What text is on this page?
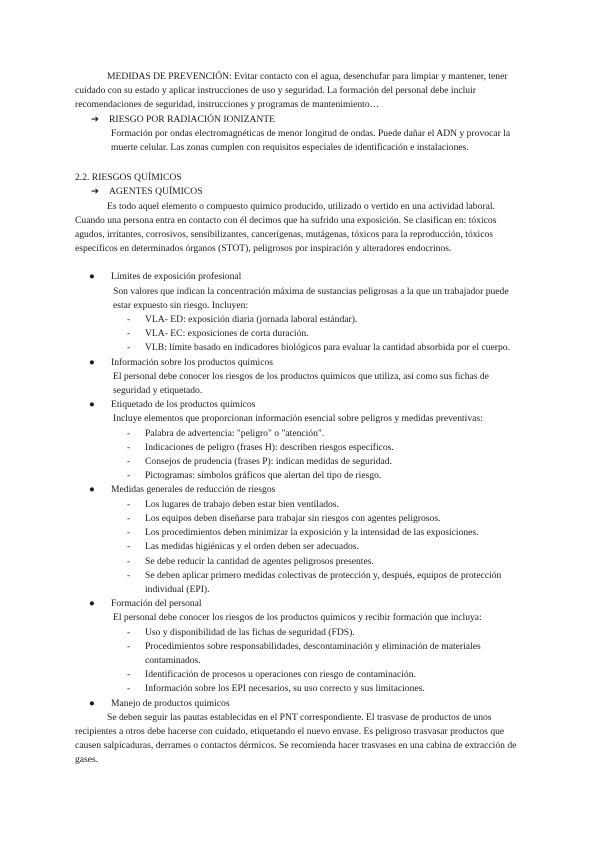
MEDIDAS DE PREVENCIÓN: Evitar contacto con el agua, desenchufar para limpiar y mantener, tener cuidado con su estado y aplicar instrucciones de uso y seguridad. La formación del personal debe incluir recomendaciones de seguridad, instrucciones y programas de mantenimiento…

➔	RIESGO POR RADIACIÓN IONIZANTE

Formación por ondas electromagnéticas de menor longitud de ondas. Puede dañar el ADN y provocar la muerte celular. Las zonas cumplen con requisitos especiales de identificación e instalaciones.

2.2. RIESGOS QUÍMICOS

➔	AGENTES QUÍMICOS

Es todo aquel elemento o compuesto químico producido, utilizado o vertido en una actividad laboral. Cuando una persona entra en contacto con él decimos que ha sufrido una exposición. Se clasifican en: tóxicos agudos, irritantes, corrosivos, sensibilizantes, cancerígenas, mutágenas, tóxicos para la reproducción, tóxicos específicos en determinados órganos (STOT), peligrosos por inspiración y alteradores endocrinos.

● Límites de exposición profesional

Son valores que indican la concentración máxima de sustancias peligrosas a la que un trabajador puede estar expuesto sin riesgo. Incluyen:

- VLA- ED: exposición diaria (jornada laboral estándar).
- VLA- EC: exposiciones de corta duración.
- VLB: límite basado en indicadores biológicos para evaluar la cantidad absorbida por el cuerpo.
● Información sobre los productos químicos

El personal debe conocer los riesgos de los productos químicos que utiliza, así como sus fichas de seguridad y etiquetado.

● Etiquetado de los productos químicos

Incluye elementos que proporcionan información esencial sobre peligros y medidas preventivas:

- Palabra de advertencia: "peligro" o "atención".
- Indicaciones de peligro (frases H): describen riesgos específicos.
- Consejos de prudencia (frases P): indican medidas de seguridad.
- Pictogramas: símbolos gráficos que alertan del tipo de riesgo.
● Medidas generales de reducción de riesgos
- Los lugares de trabajo deben estar bien ventilados.
- Los equipos deben diseñarse para trabajar sin riesgos con agentes peligrosos.
- Los procedimientos deben minimizar la exposición y la intensidad de las exposiciones.
- Las medidas higiénicas y el orden deben ser adecuados.
- Se debe reducir la cantidad de agentes peligrosos presentes.
- Se deben aplicar primero medidas colectivas de protección y, después, equipos de protección individual (EPI).
● Formación del personal

El personal debe conocer los riesgos de los productos químicos y recibir formación que incluya:

- Uso y disponibilidad de las fichas de seguridad (FDS).
- Procedimientos sobre responsabilidades, descontaminación y eliminación de materiales contaminados.
- Identificación de procesos u operaciones con riesgo de contaminación.
- Información sobre los EPI necesarios, su uso correcto y sus limitaciones.
● Manejo de productos químicos

Se deben seguir las pautas establecidas en el PNT correspondiente. El trasvase de productos de unos recipientes a otros debe hacerse con cuidado, etiquetando el nuevo envase. Es peligroso trasvasar productos que causen salpicaduras, derrames o contactos dérmicos. Se recomienda hacer trasvases en una cabina de extracción de gases.
